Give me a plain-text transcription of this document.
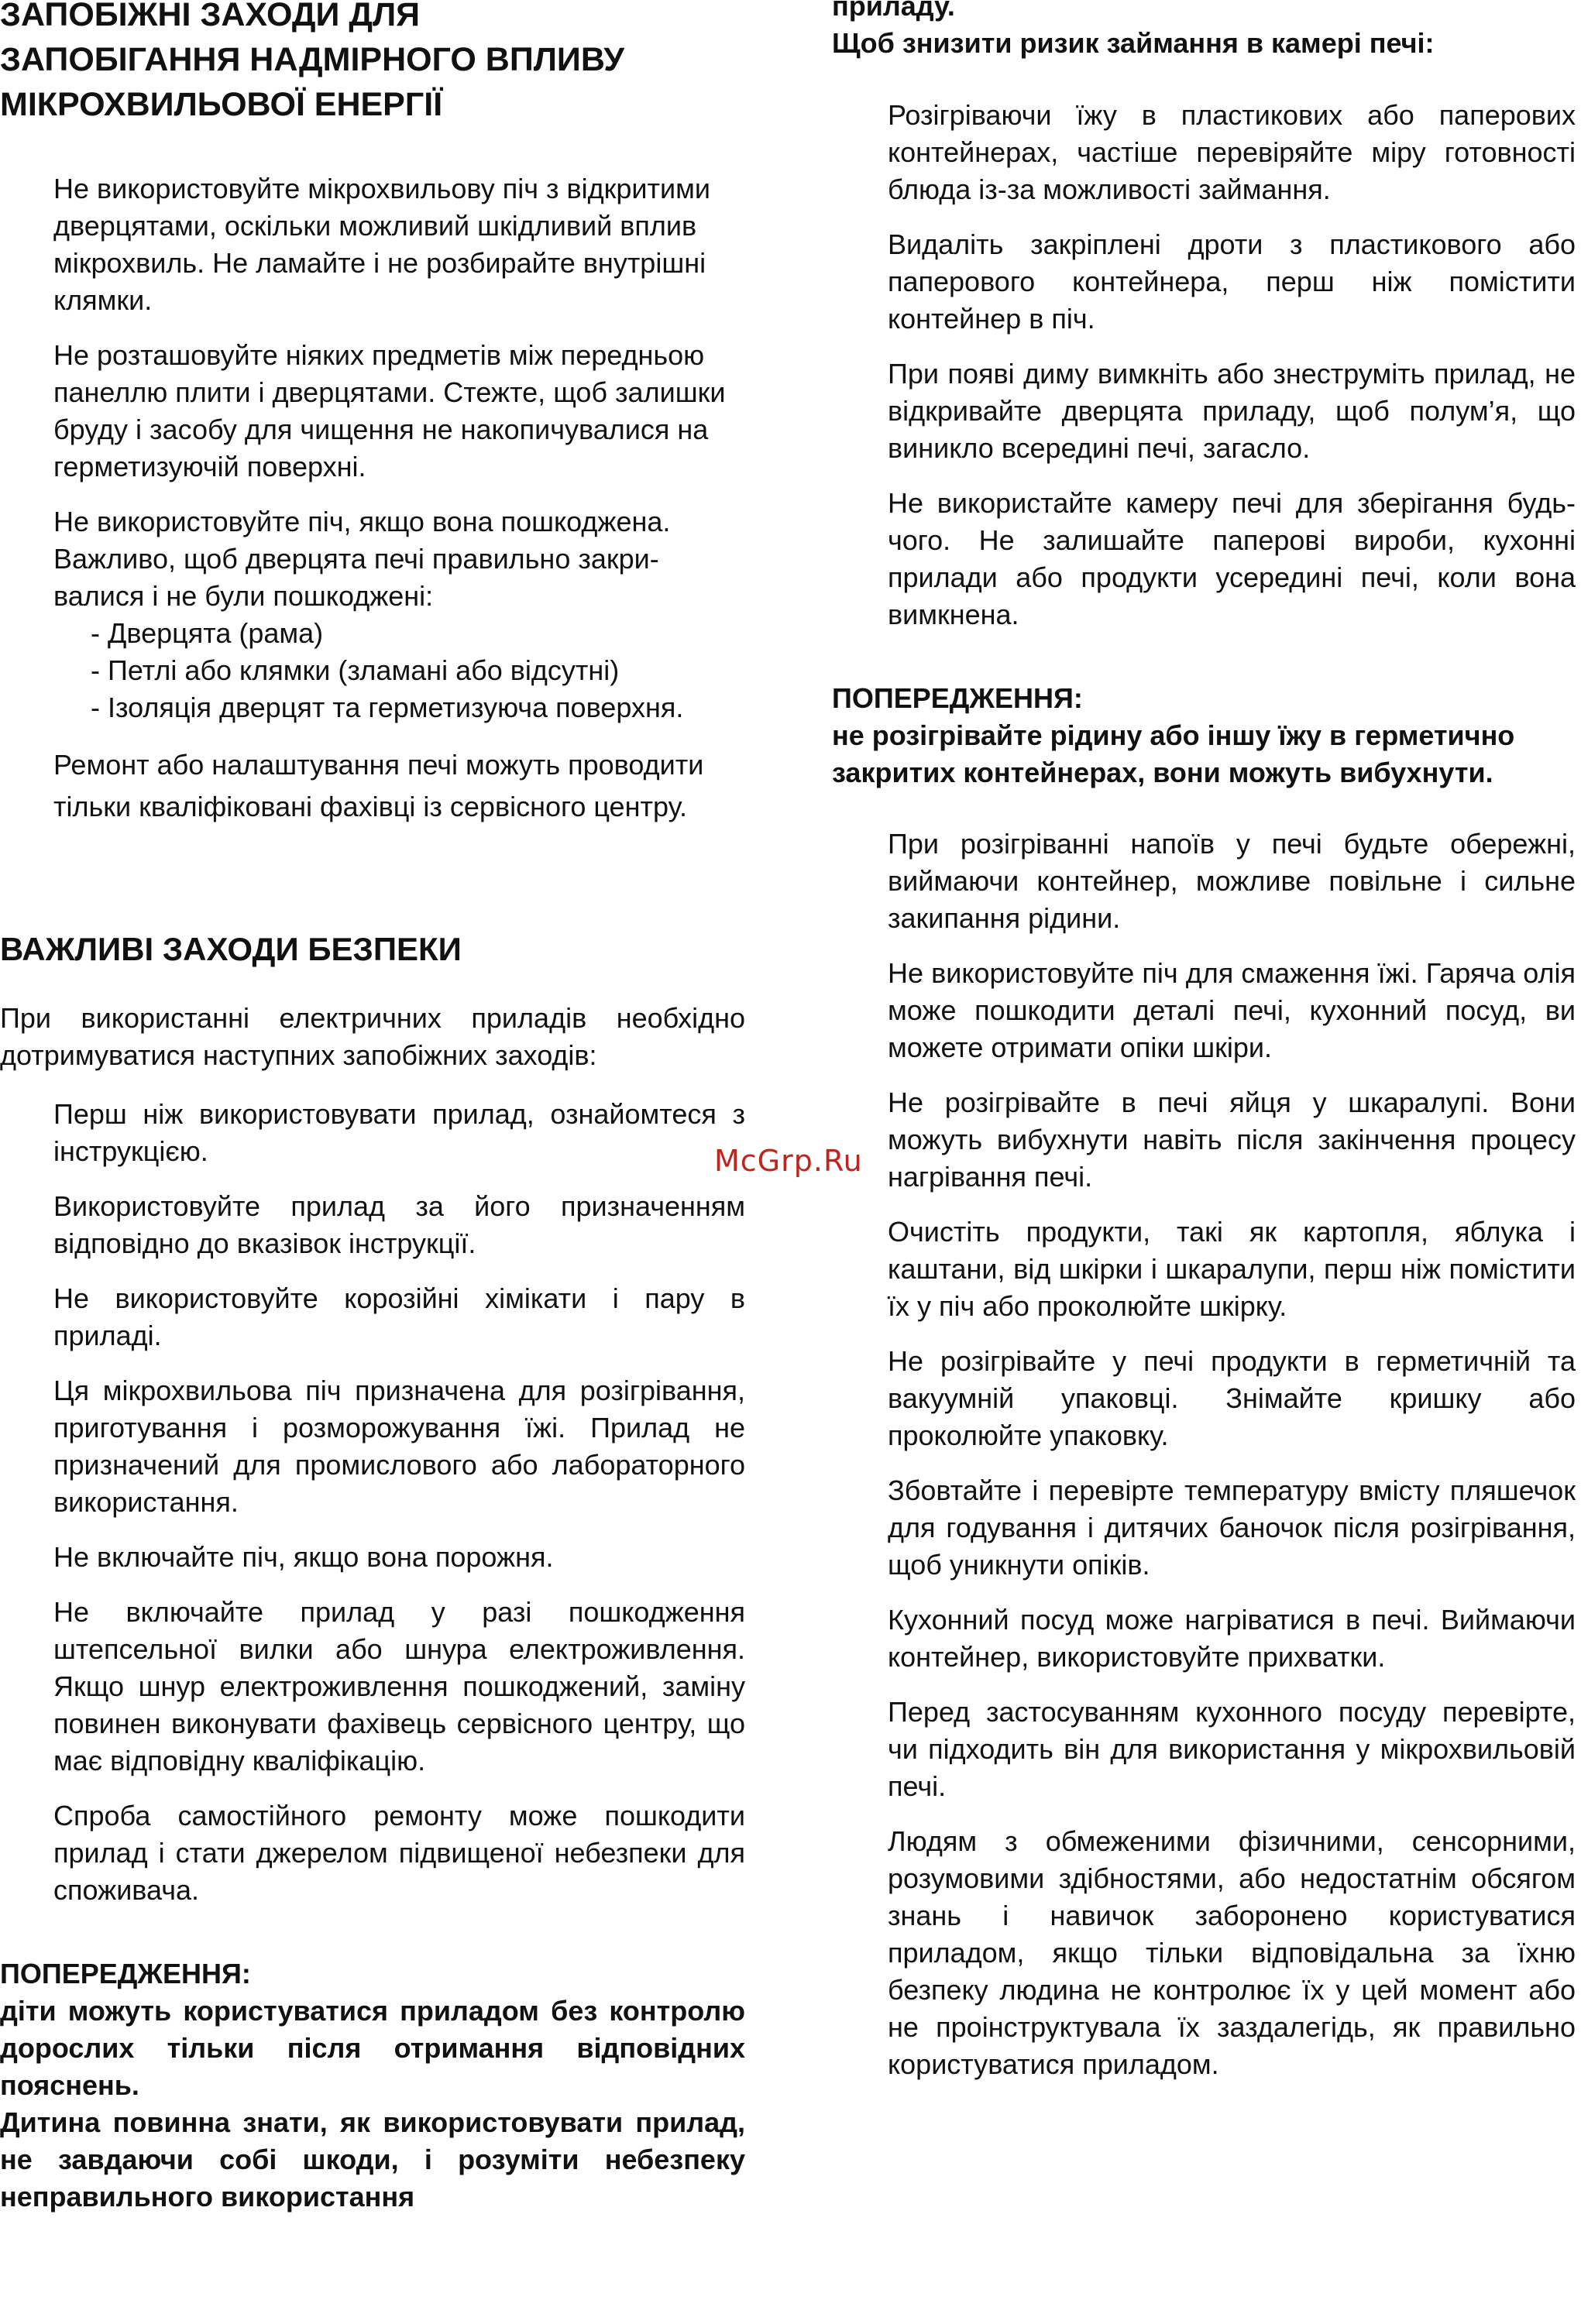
ЗАПОБІЖНІ ЗАХОДИ ДЛЯ

ЗАПОБІГАННЯ НАДМІРНОГО ВПЛИВУ

МІКРОХВИЛЬОВОЇ ЕНЕРГІЇ

Не використовуйте мікрохвильову піч з відкритими дверцятами, оскільки можливий шкідливий вплив мікрохвиль. Не ламайте і не розбирайте внутрішні клямки.

Не розташовуйте ніяких предметів між передньою панеллю плити і дверцятами. Стежте, щоб залишки бруду і засобу для чищення не накопичувалися на герметизуючій поверхні.

Не використовуйте піч, якщо вона пошкоджена. Важливо, щоб дверцята печі правильно закри-валися і не були пошкоджені:

- Дверцята (рама)
- Петлі або клямки (зламані або відсутні)
- Ізоляція дверцят та герметизуюча поверхня.

Ремонт або налаштування печі можуть проводити тільки кваліфіковані фахівці із сервісного центру.

ВАЖЛИВІ ЗАХОДИ БЕЗПЕКИ

При використанні електричних приладів необхідно дотримуватися наступних запобіжних заходів:

Перш ніж використовувати прилад, ознайомтеся з інструкцією.

Використовуйте прилад за його призначенням відповідно до вказівок інструкції.

Не використовуйте корозійні хімікати і пару в приладі.

Ця мікрохвильова піч призначена для розігрівання, приготування і розморожування їжі. Прилад не призначений для промислового або лабораторного використання.

Не включайте піч, якщо вона порожня.

Не включайте прилад у разі пошкодження штепсельної вилки або шнура електроживлення. Якщо шнур електроживлення пошкоджений, заміну повинен виконувати фахівець сервісного центру, що має відповідну кваліфікацію.

Спроба самостійного ремонту може пошкодити прилад і стати джерелом підвищеної небезпеки для споживача.

ПОПЕРЕДЖЕННЯ:

діти можуть користуватися приладом без контролю дорослих тільки після отримання відповідних пояснень.

Дитина повинна знати, як використовувати прилад, не завдаючи собі шкоди, і розуміти небезпеку неправильного використання

приладу.

Щоб знизити ризик займання в камері печі:

Розігріваючи їжу в пластикових або паперових контейнерах, частіше перевіряйте міру готовності блюда із-за можливості займання.

Видаліть закріплені дроти з пластикового або паперового контейнера, перш ніж помістити контейнер в піч.

При появі диму вимкніть або знеструміть прилад, не відкривайте дверцята приладу, щоб полум’я, що виникло всередині печі, загасло.

Не використайте камеру печі для зберігання будь-чого. Не залишайте паперові вироби, кухонні прилади або продукти усередині печі, коли вона вимкнена.

ПОПЕРЕДЖЕННЯ:

не розігрівайте рідину або іншу їжу в герметично закритих контейнерах, вони можуть вибухнути.

При розігріванні напоїв у печі будьте обережні, виймаючи контейнер, можливе повільне і сильне закипання рідини.

Не використовуйте піч для смаження їжі. Гаряча олія може пошкодити деталі печі, кухонний посуд, ви можете отримати опіки шкіри.

Не розігрівайте в печі яйця у шкаралупі. Вони можуть вибухнути навіть після закінчення процесу нагрівання печі.

Очистіть продукти, такі як картопля, яблука і каштани, від шкірки і шкаралупи, перш ніж помістити їх у піч або проколюйте шкірку.

Не розігрівайте у печі продукти в герметичній та вакуумній упаковці. Знімайте кришку або проколюйте упаковку.

Збовтайте і перевірте температуру вмісту пляшечок для годування і дитячих баночок після розігрівання, щоб уникнути опіків.

Кухонний посуд може нагріватися в печі. Виймаючи контейнер, використовуйте прихватки.

Перед застосуванням кухонного посуду перевірте, чи підходить він для використання у мікрохвильовій печі.

Людям з обмеженими фізичними, сенсорними, розумовими здібностями, або недостатнім обсягом знань і навичок заборонено користуватися приладом, якщо тільки відповідальна за їхню безпеку людина не контролює їх у цей момент або не проінструктувала їх заздалегідь, як правильно користуватися приладом.

McGrp.Ru
